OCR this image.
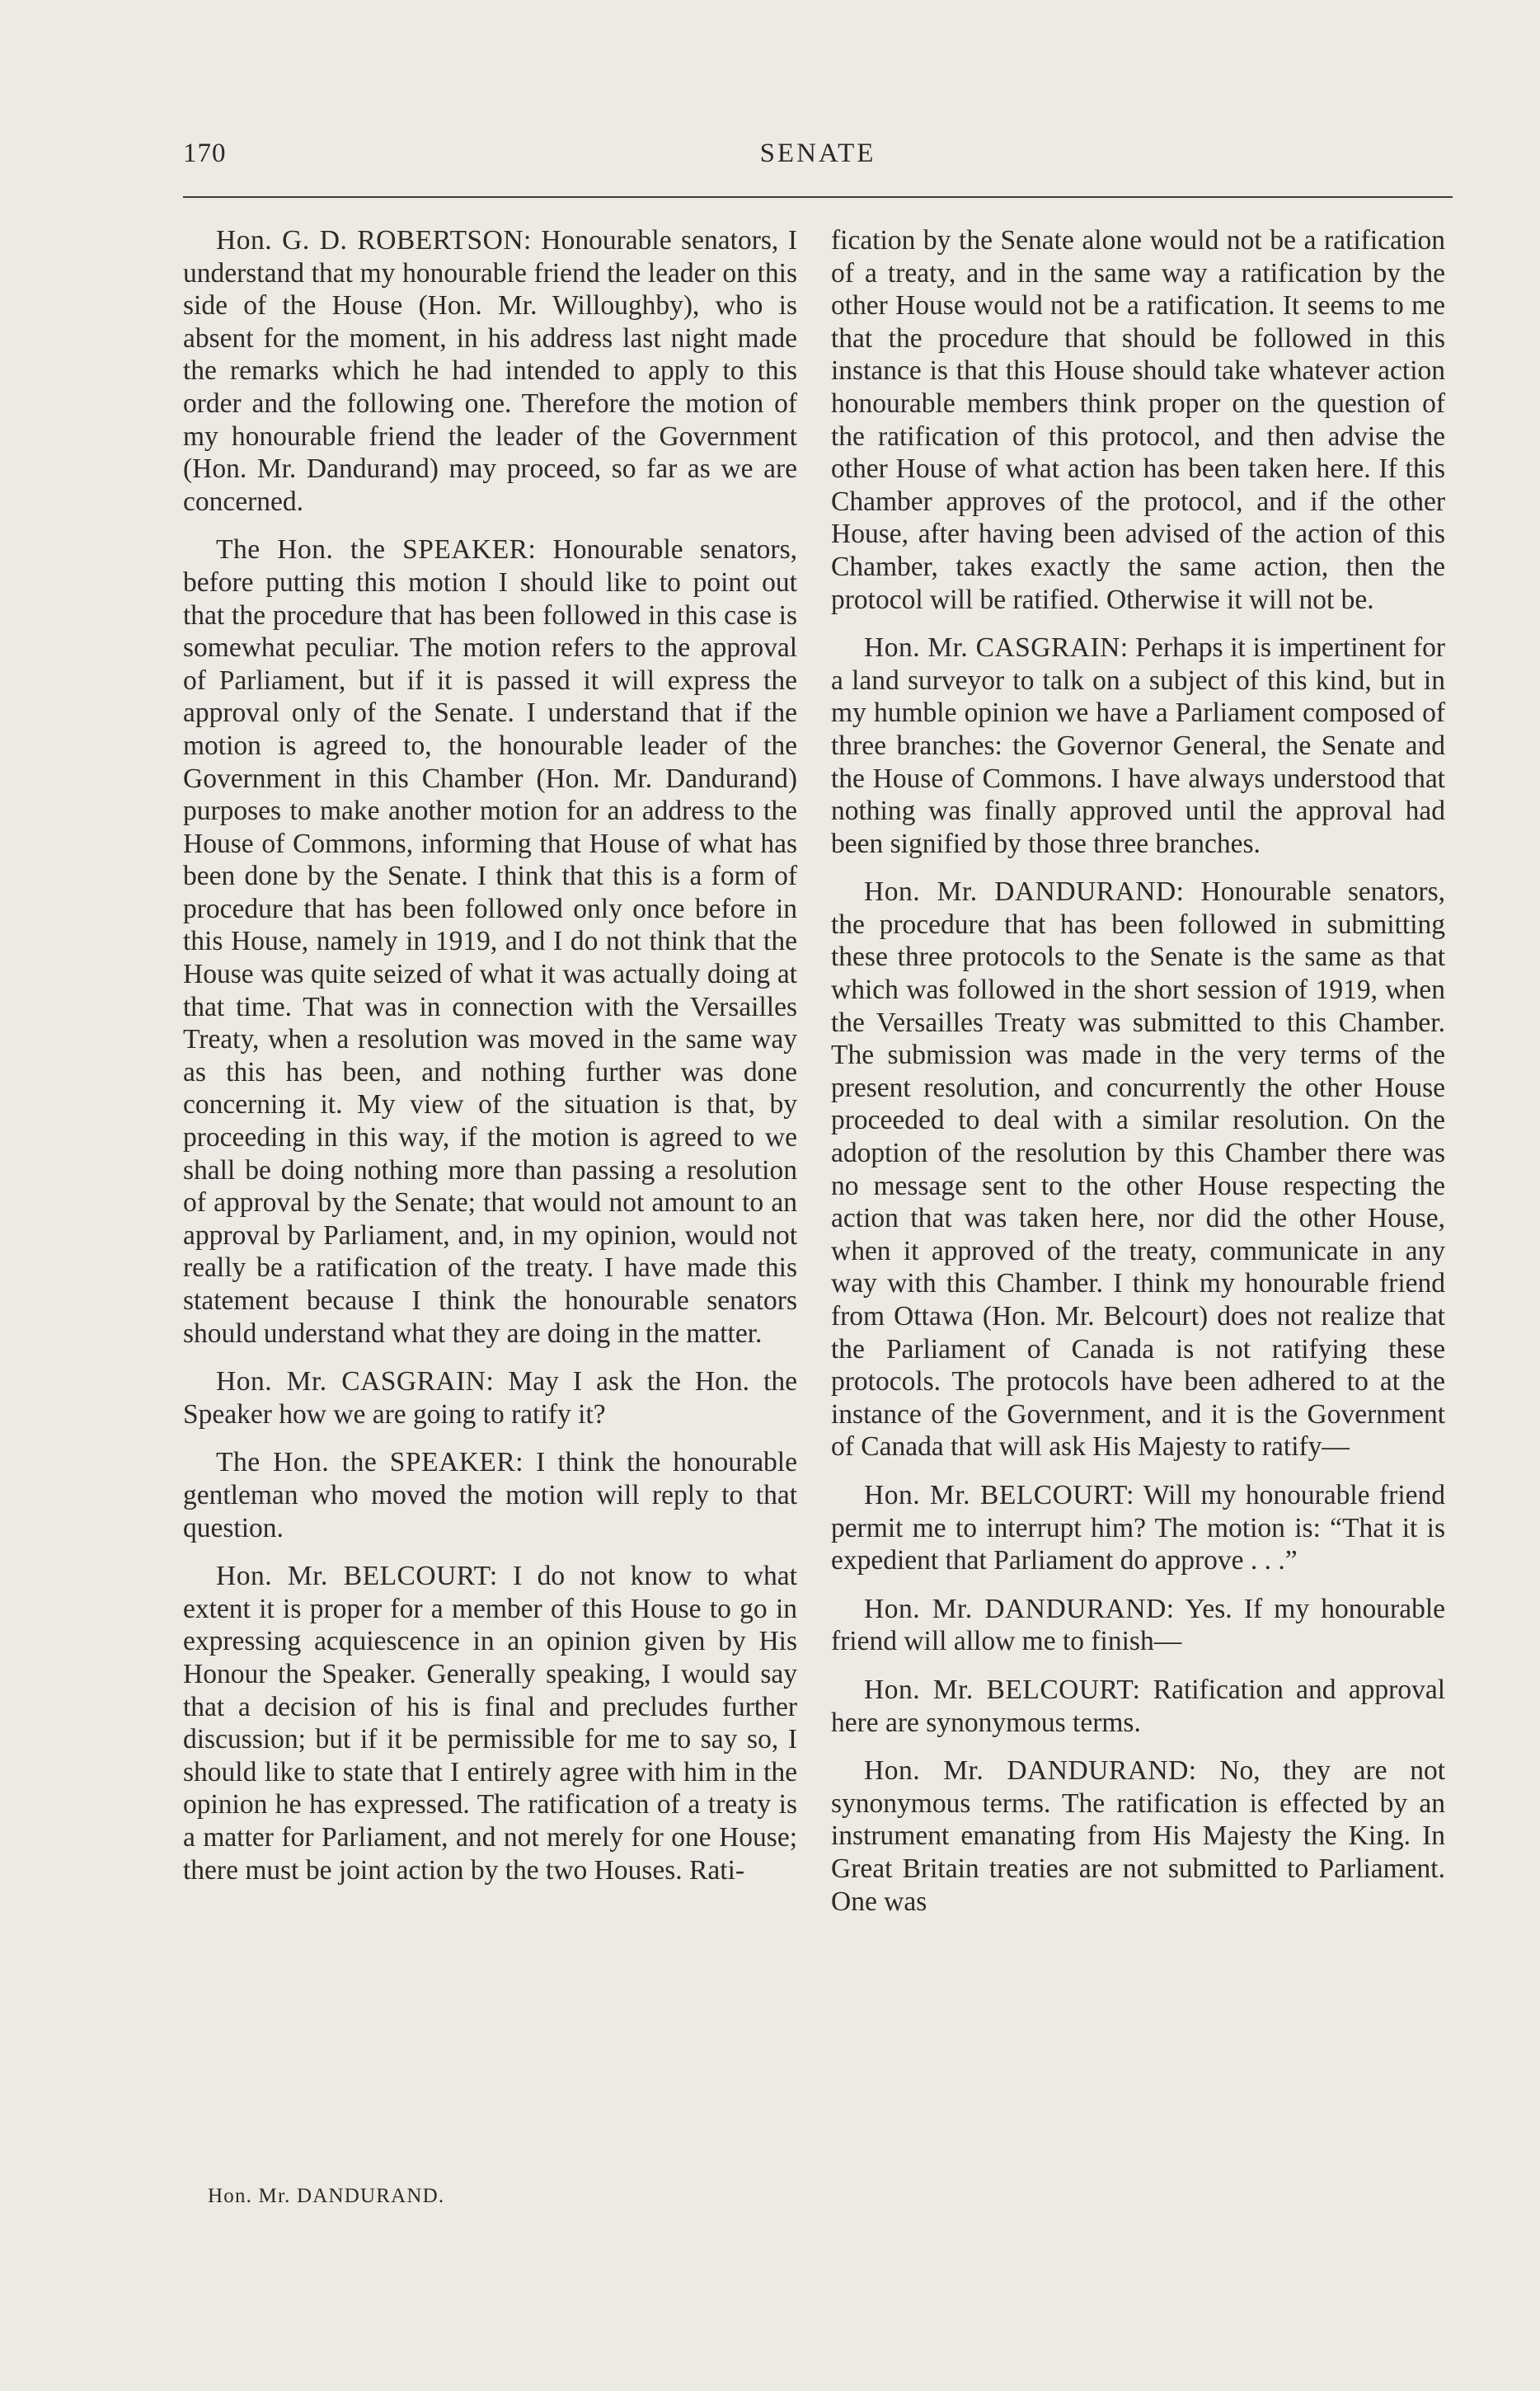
170	SENATE

Hon. G. D. ROBERTSON: Honourable senators, I understand that my honourable friend the leader on this side of the House (Hon. Mr. Willoughby), who is absent for the moment, in his address last night made the remarks which he had intended to apply to this order and the following one. Therefore the motion of my honourable friend the leader of the Government (Hon. Mr. Dandurand) may proceed, so far as we are concerned.

The Hon. the SPEAKER: Honourable senators, before putting this motion I should like to point out that the procedure that has been followed in this case is somewhat peculiar. The motion refers to the approval of Parliament, but if it is passed it will express the approval only of the Senate. I understand that if the motion is agreed to, the honourable leader of the Government in this Chamber (Hon. Mr. Dandurand) purposes to make another motion for an address to the House of Commons, informing that House of what has been done by the Senate. I think that this is a form of procedure that has been followed only once before in this House, namely in 1919, and I do not think that the House was quite seized of what it was actually doing at that time. That was in connection with the Versailles Treaty, when a resolution was moved in the same way as this has been, and nothing further was done concerning it. My view of the situation is that, by proceeding in this way, if the motion is agreed to we shall be doing nothing more than passing a resolution of approval by the Senate; that would not amount to an approval by Parliament, and, in my opinion, would not really be a ratification of the treaty. I have made this statement because I think the honourable senators should understand what they are doing in the matter.

Hon. Mr. CASGRAIN: May I ask the Hon. the Speaker how we are going to ratify it?

The Hon. the SPEAKER: I think the honourable gentleman who moved the motion will reply to that question.

Hon. Mr. BELCOURT: I do not know to what extent it is proper for a member of this House to go in expressing acquiescence in an opinion given by His Honour the Speaker. Generally speaking, I would say that a decision of his is final and precludes further discussion; but if it be permissible for me to say so, I should like to state that I entirely agree with him in the opinion he has expressed. The ratification of a treaty is a matter for Parliament, and not merely for one House; there must be joint action by the two Houses. Rati-

fication by the Senate alone would not be a ratification of a treaty, and in the same way a ratification by the other House would not be a ratification. It seems to me that the procedure that should be followed in this instance is that this House should take whatever action honourable members think proper on the question of the ratification of this protocol, and then advise the other House of what action has been taken here. If this Chamber approves of the protocol, and if the other House, after having been advised of the action of this Chamber, takes exactly the same action, then the protocol will be ratified. Otherwise it will not be.

Hon. Mr. CASGRAIN: Perhaps it is impertinent for a land surveyor to talk on a subject of this kind, but in my humble opinion we have a Parliament composed of three branches: the Governor General, the Senate and the House of Commons. I have always understood that nothing was finally approved until the approval had been signified by those three branches.

Hon. Mr. DANDURAND: Honourable senators, the procedure that has been followed in submitting these three protocols to the Senate is the same as that which was followed in the short session of 1919, when the Versailles Treaty was submitted to this Chamber. The submission was made in the very terms of the present resolution, and concurrently the other House proceeded to deal with a similar resolution. On the adoption of the resolution by this Chamber there was no message sent to the other House respecting the action that was taken here, nor did the other House, when it approved of the treaty, communicate in any way with this Chamber. I think my honourable friend from Ottawa (Hon. Mr. Belcourt) does not realize that the Parliament of Canada is not ratifying these protocols. The protocols have been adhered to at the instance of the Government, and it is the Government of Canada that will ask His Majesty to ratify—

Hon. Mr. BELCOURT: Will my honourable friend permit me to interrupt him? The motion is: “That it is expedient that Parliament do approve . . .”

Hon. Mr. DANDURAND: Yes. If my honourable friend will allow me to finish—

Hon. Mr. BELCOURT: Ratification and approval here are synonymous terms.

Hon. Mr. DANDURAND: No, they are not synonymous terms. The ratification is effected by an instrument emanating from His Majesty the King. In Great Britain treaties are not submitted to Parliament. One was

Hon. Mr. DANDURAND.
